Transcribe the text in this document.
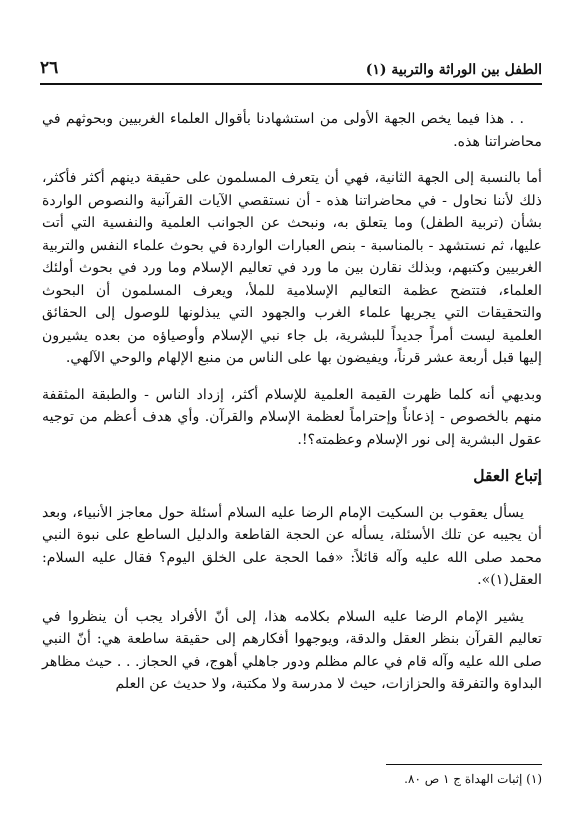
٢٦	الطفل بين الوراثة والتربية (١)

. . هذا فيما يخص الجهة الأولى من استشهادنا بأقوال العلماء الغربيين وبحوثهم في محاضراتنا هذه.

أما بالنسبة إلى الجهة الثانية، فهي أن يتعرف المسلمون على حقيقة دينهم أكثر فأكثر، ذلك لأننا نحاول - في محاضراتنا هذه - أن نستقصي الآيات القرآنية والنصوص الواردة بشأن (تربية الطفل) وما يتعلق به، ونبحث عن الجوانب العلمية والنفسية التي أتت عليها، ثم نستشهد - بالمناسبة - بنص العبارات الواردة في بحوث علماء النفس والتربية الغربيين وكتبهم، وبذلك نقارن بين ما ورد في تعاليم الإسلام وما ورد في بحوث أولئك العلماء، فتتضح عظمة التعاليم الإسلامية للملأ، ويعرف المسلمون أن البحوث والتحقيقات التي يجريها علماء الغرب والجهود التي يبذلونها للوصول إلى الحقائق العلمية ليست أمراً جديداً للبشرية، بل جاء نبي الإسلام وأوصياؤه من بعده يشيرون إليها قبل أربعة عشر قرناً، ويفيضون بها على الناس من منبع الإلهام والوحي الآلهي.

وبديهي أنه كلما ظهرت القيمة العلمية للإسلام أكثر، إزداد الناس - والطبقة المثقفة منهم بالخصوص - إذعاناً وإحتراماً لعظمة الإسلام والقرآن. وأي هدف أعظم من توجيه عقول البشرية إلى نور الإسلام وعظمته؟!.

إتباع العقل

يسأل يعقوب بن السكيت الإمام الرضا عليه السلام أسئلة حول معاجز الأنبياء، وبعد أن يجيبه عن تلك الأسئلة، يسأله عن الحجة القاطعة والدليل الساطع على نبوة النبي محمد صلى الله عليه وآله قائلاً: «فما الحجة على الخلق اليوم؟ فقال عليه السلام: العقل(١)».

يشير الإمام الرضا عليه السلام بكلامه هذا، إلى أنّ الأفراد يجب أن ينظروا في تعاليم القرآن بنظر العقل والدقة، ويوجهوا أفكارهم إلى حقيقة ساطعة هي: أنّ النبي صلى الله عليه وآله قام في عالم مظلم ودور جاهلي أهوج، في الحجاز. . . حيث مظاهر البداوة والتفرقة والحزازات، حيث لا مدرسة ولا مكتبة، ولا حديث عن العلم

(١) إثبات الهداة ج ١ ص ٨٠.
